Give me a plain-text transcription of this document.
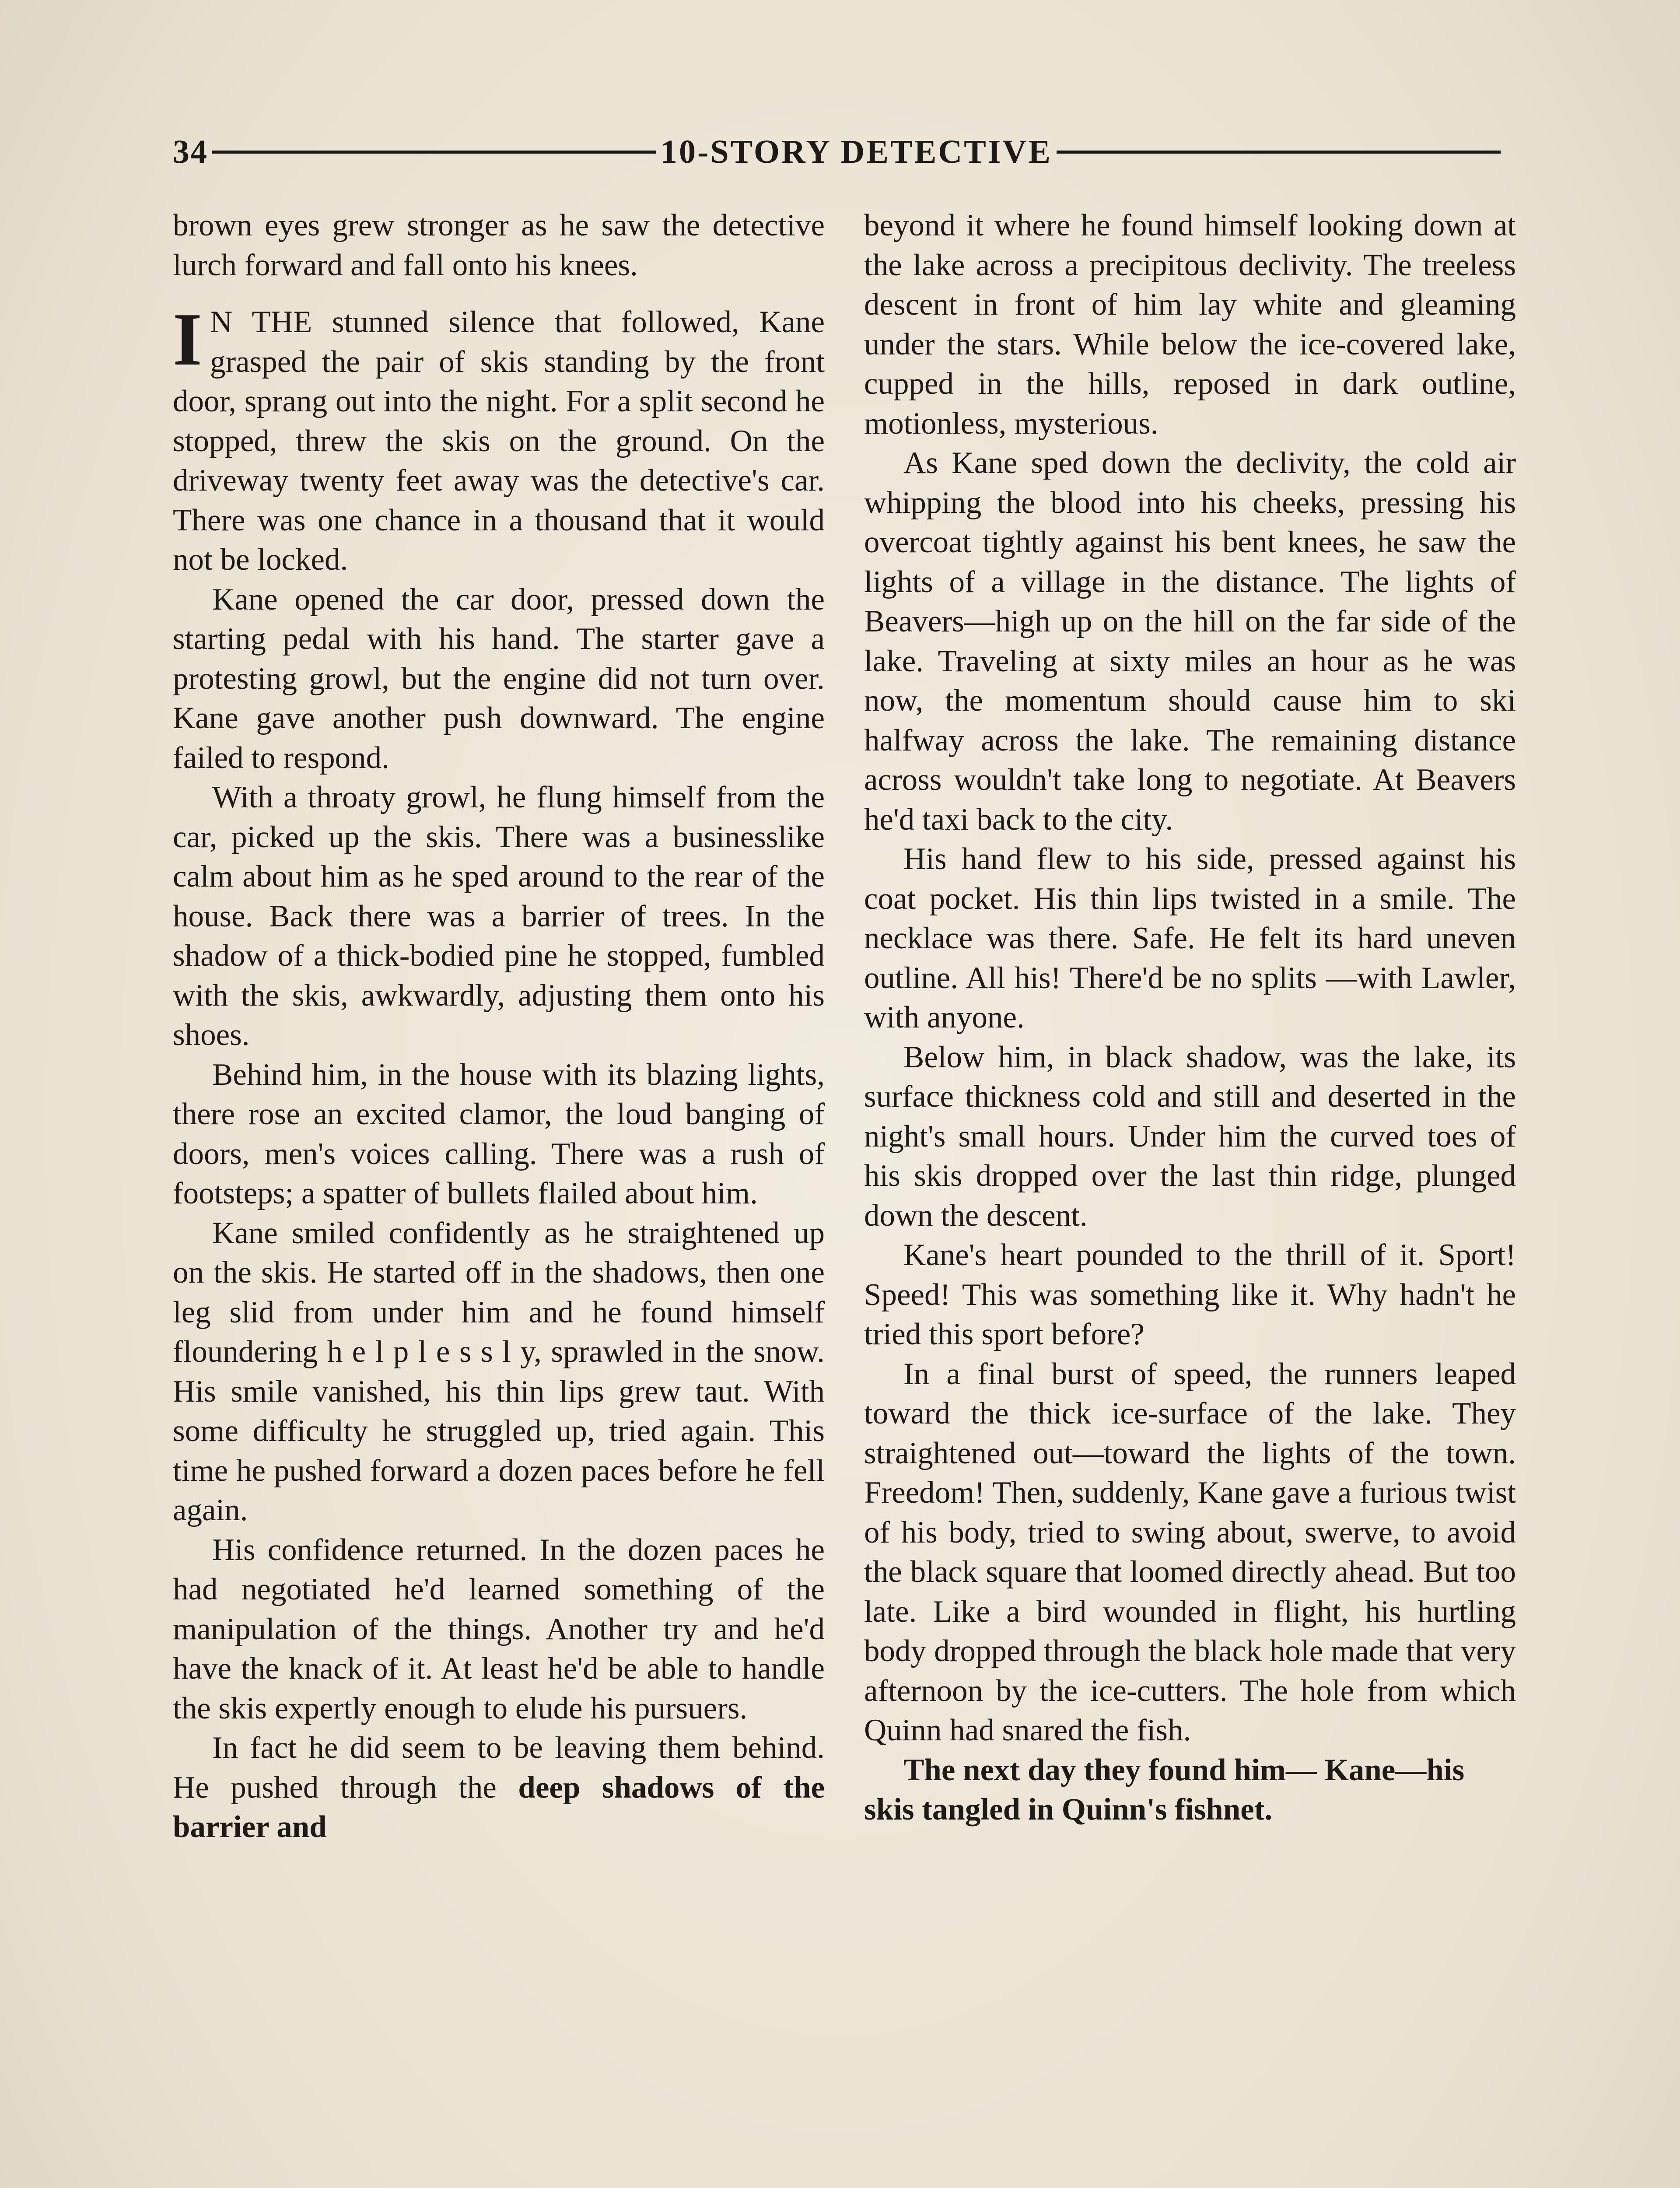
34	10-STORY DETECTIVE

brown eyes grew stronger as he saw the detective lurch forward and fall onto his knees.

I N THE stunned silence that followed, Kane grasped the pair of skis standing by the front door, sprang out into the night. For a split second he stopped, threw the skis on the ground. On the driveway twenty feet away was the detective's car. There was one chance in a thousand that it would not be locked.

Kane opened the car door, pressed down the starting pedal with his hand. The starter gave a protesting growl, but the engine did not turn over. Kane gave another push downward. The engine failed to respond.

With a throaty growl, he flung himself from the car, picked up the skis. There was a businesslike calm about him as he sped around to the rear of the house. Back there was a barrier of trees. In the shadow of a thick-bodied pine he stopped, fumbled with the skis, awkwardly, adjusting them onto his shoes.

Behind him, in the house with its blazing lights, there rose an excited clamor, the loud banging of doors, men's voices calling. There was a rush of footsteps; a spatter of bullets flailed about him.

Kane smiled confidently as he straightened up on the skis. He started off in the shadows, then one leg slid from under him and he found himself floundering h e l p l e s s l y, sprawled in the snow. His smile vanished, his thin lips grew taut. With some difficulty he struggled up, tried again. This time he pushed forward a dozen paces before he fell again.

His confidence returned. In the dozen paces he had negotiated he'd learned something of the manipulation of the things. Another try and he'd have the knack of it. At least he'd be able to handle the skis expertly enough to elude his pursuers.

In fact he did seem to be leaving them behind. He pushed through the deep shadows of the barrier and

beyond it where he found himself looking down at the lake across a precipitous declivity. The treeless descent in front of him lay white and gleaming under the stars. While below the ice-covered lake, cupped in the hills, reposed in dark outline, motionless, mysterious.

As Kane sped down the declivity, the cold air whipping the blood into his cheeks, pressing his overcoat tightly against his bent knees, he saw the lights of a village in the distance. The lights of Beavers—high up on the hill on the far side of the lake. Traveling at sixty miles an hour as he was now, the momentum should cause him to ski halfway across the lake. The remaining distance across wouldn't take long to negotiate. At Beavers he'd taxi back to the city.

His hand flew to his side, pressed against his coat pocket. His thin lips twisted in a smile. The necklace was there. Safe. He felt its hard uneven outline. All his! There'd be no splits —with Lawler, with anyone.

Below him, in black shadow, was the lake, its surface thickness cold and still and deserted in the night's small hours. Under him the curved toes of his skis dropped over the last thin ridge, plunged down the descent.

Kane's heart pounded to the thrill of it. Sport! Speed! This was something like it. Why hadn't he tried this sport before?

In a final burst of speed, the runners leaped toward the thick ice-surface of the lake. They straightened out—toward the lights of the town. Freedom! Then, suddenly, Kane gave a furious twist of his body, tried to swing about, swerve, to avoid the black square that loomed directly ahead. But too late. Like a bird wounded in flight, his hurtling body dropped through the black hole made that very afternoon by the ice-cutters. The hole from which Quinn had snared the fish.

The next day they found him— Kane—his skis tangled in Quinn's fishnet.
